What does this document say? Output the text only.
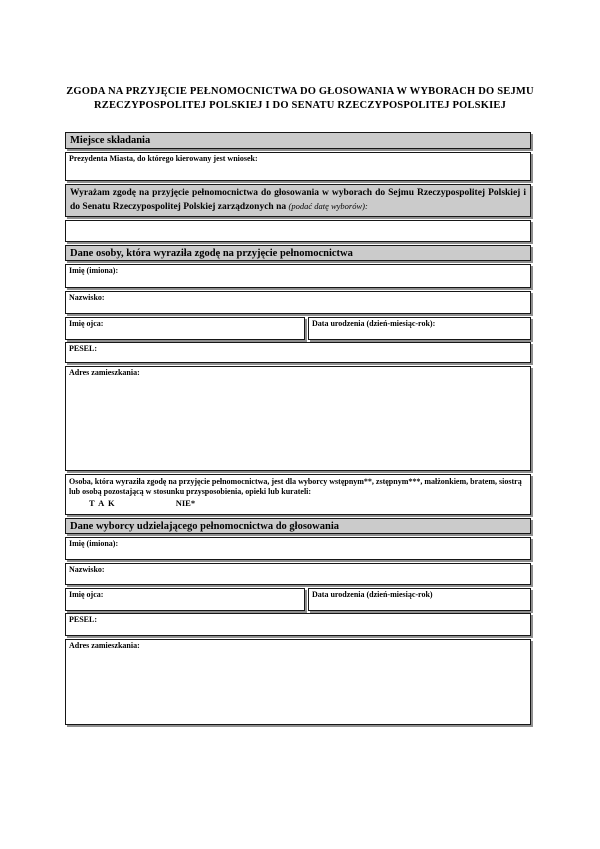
ZGODA NA PRZYJĘCIE PEŁNOMOCNICTWA DO GŁOSOWANIA W WYBORACH DO SEJMU
RZECZYPOSPOLITEJ POLSKIEJ I DO SENATU RZECZYPOSPOLITEJ POLSKIEJ
Miejsce składania
Prezydenta Miasta, do którego kierowany jest wniosek:
Wyrażam zgodę na przyjęcie pełnomocnictwa do głosowania w wyborach do Sejmu Rzeczypospolitej Polskiej i do Senatu Rzeczypospolitej Polskiej zarządzonych na (podać datę wyborów):
Dane osoby, która wyraziła zgodę na przyjęcie pełnomocnictwa
Imię (imiona):
Nazwisko:
Imię ojca:	Data urodzenia (dzień-miesiąc-rok):
PESEL:
Adres zamieszkania:
Osoba, która wyraziła zgodę na przyjęcie pełnomocnictwa, jest dla wyborcy wstępnym**, zstępnym***, małżonkiem, bratem, siostrą lub osobą pozostającą w stosunku przysposobienia, opieki lub kurateli:
T A K	NIE*
Dane wyborcy udzielającego pełnomocnictwa do głosowania
Imię (imiona):
Nazwisko:
Imię ojca:	Data urodzenia (dzień-miesiąc-rok)
PESEL:
Adres zamieszkania:
